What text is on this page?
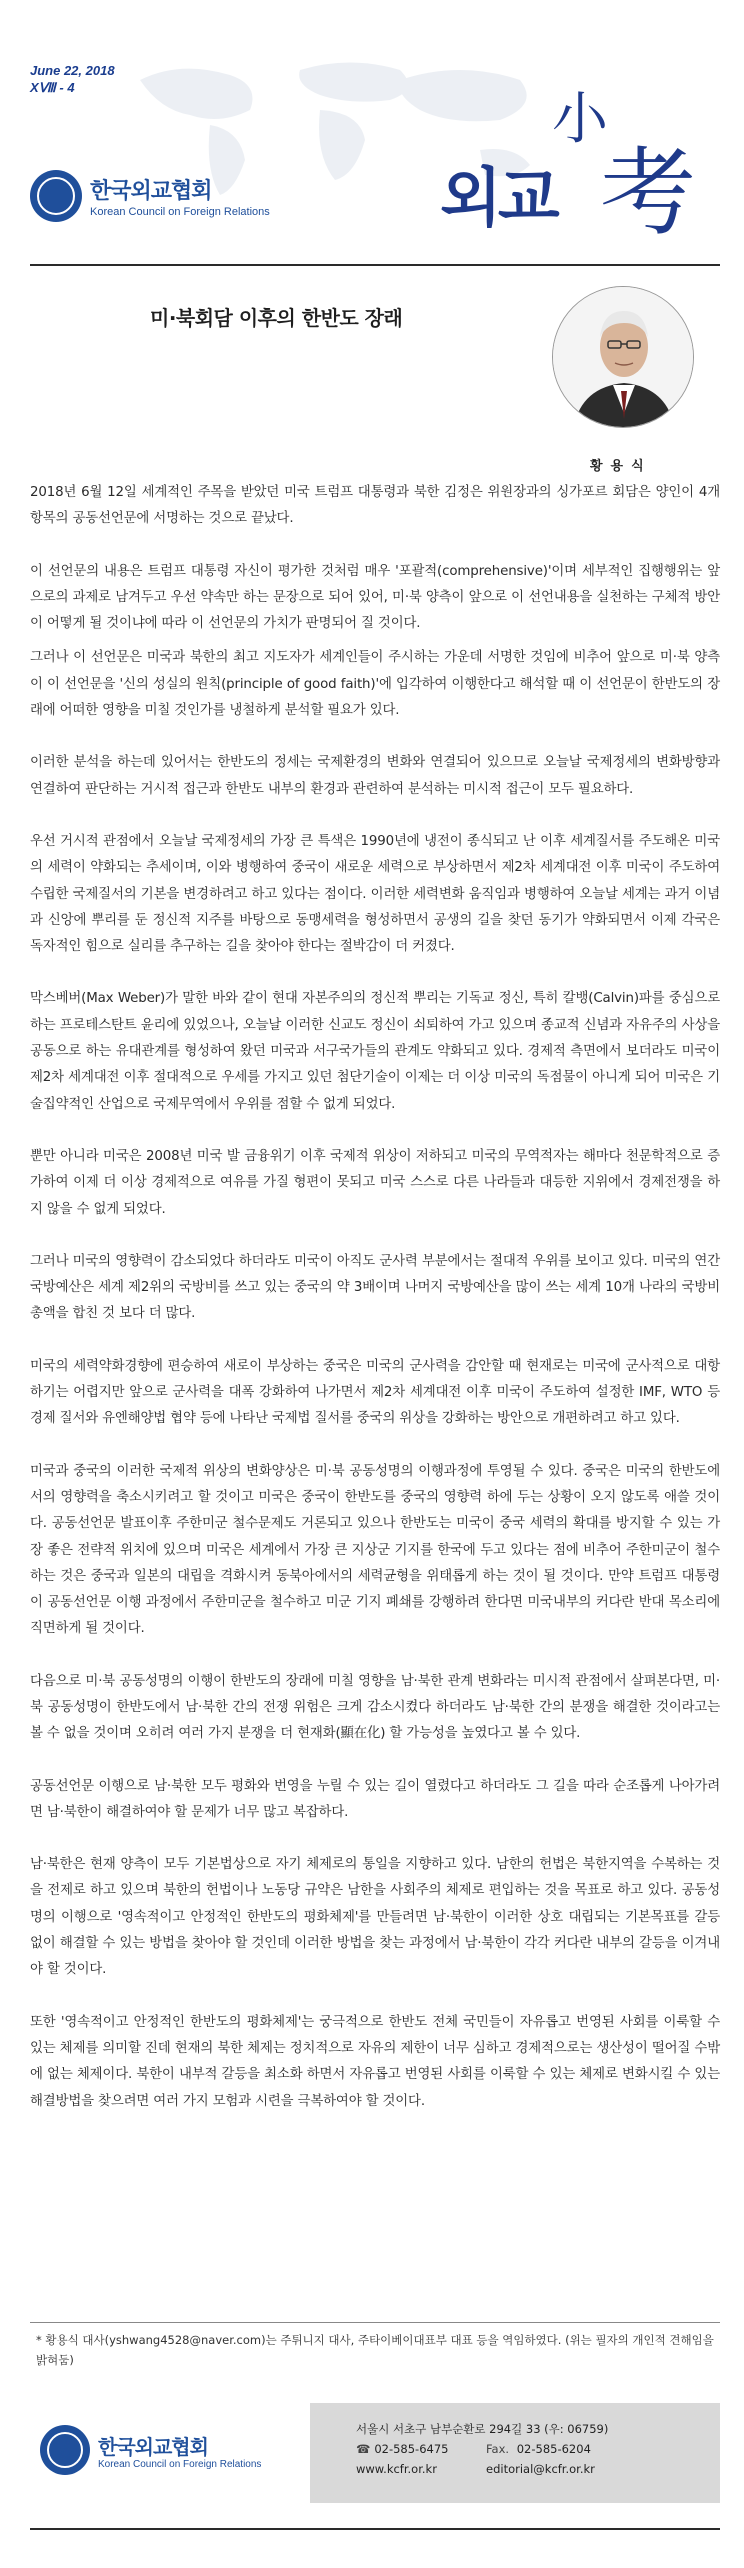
June 22, 2018
XⅧ - 4
한국외교협회
Korean Council on Foreign Relations	외교
小
考
미·북회담 이후의 한반도 장래
황용식

2018년 6월 12일 세계적인 주목을 받았던 미국 트럼프 대통령과 북한 김정은 위원장과의 싱가포르 회담은 양인이 4개 항목의 공동선언문에 서명하는 것으로 끝났다.

이 선언문의 내용은 트럼프 대통령 자신이 평가한 것처럼 매우 '포괄적(comprehensive)'이며 세부적인 집행행위는 앞으로의 과제로 남겨두고 우선 약속만 하는 문장으로 되어 있어, 미·북 양측이 앞으로 이 선언내용을 실천하는 구체적 방안이 어떻게 될 것이냐에 따라 이 선언문의 가치가 판명되어 질 것이다.

그러나 이 선언문은 미국과 북한의 최고 지도자가 세계인들이 주시하는 가운데 서명한 것임에 비추어 앞으로 미·북 양측이 이 선언문을 '신의 성실의 원칙(principle of good faith)'에 입각하여 이행한다고 해석할 때 이 선언문이 한반도의 장래에 어떠한 영향을 미칠 것인가를 냉철하게 분석할 필요가 있다.

이러한 분석을 하는데 있어서는 한반도의 정세는 국제환경의 변화와 연결되어 있으므로 오늘날 국제정세의 변화방향과 연결하여 판단하는 거시적 접근과 한반도 내부의 환경과 관련하여 분석하는 미시적 접근이 모두 필요하다.

우선 거시적 관점에서 오늘날 국제정세의 가장 큰 특색은 1990년에 냉전이 종식되고 난 이후 세계질서를 주도해온 미국의 세력이 약화되는 추세이며, 이와 병행하여 중국이 새로운 세력으로 부상하면서 제2차 세계대전 이후 미국이 주도하여 수립한 국제질서의 기본을 변경하려고 하고 있다는 점이다. 이러한 세력변화 움직임과 병행하여 오늘날 세계는 과거 이념과 신앙에 뿌리를 둔 정신적 지주를 바탕으로 동맹세력을 형성하면서 공생의 길을 찾던 동기가 약화되면서 이제 각국은 독자적인 힘으로 실리를 추구하는 길을 찾아야 한다는 절박감이 더 커졌다.

막스베버(Max Weber)가 말한 바와 같이 현대 자본주의의 정신적 뿌리는 기독교 정신, 특히 칼뱅(Calvin)파를 중심으로 하는 프로테스탄트 윤리에 있었으나, 오늘날 이러한 신교도 정신이 쇠퇴하여 가고 있으며 종교적 신념과 자유주의 사상을 공동으로 하는 유대관계를 형성하여 왔던 미국과 서구국가들의 관계도 약화되고 있다. 경제적 측면에서 보더라도 미국이 제2차 세계대전 이후 절대적으로 우세를 가지고 있던 첨단기술이 이제는 더 이상 미국의 독점물이 아니게 되어 미국은 기술집약적인 산업으로 국제무역에서 우위를 점할 수 없게 되었다.

뿐만 아니라 미국은 2008년 미국 발 금융위기 이후 국제적 위상이 저하되고 미국의 무역적자는 해마다 천문학적으로 증가하여 이제 더 이상 경제적으로 여유를 가질 형편이 못되고 미국 스스로 다른 나라들과 대등한 지위에서 경제전쟁을 하지 않을 수 없게 되었다.

그러나 미국의 영향력이 감소되었다 하더라도 미국이 아직도 군사력 부분에서는 절대적 우위를 보이고 있다. 미국의 연간 국방예산은 세계 제2위의 국방비를 쓰고 있는 중국의 약 3배이며 나머지 국방예산을 많이 쓰는 세계 10개 나라의 국방비 총액을 합친 것 보다 더 많다.

미국의 세력약화경향에 편승하여 새로이 부상하는 중국은 미국의 군사력을 감안할 때 현재로는 미국에 군사적으로 대항하기는 어렵지만 앞으로 군사력을 대폭 강화하여 나가면서 제2차 세계대전 이후 미국이 주도하여 설정한 IMF, WTO 등 경제 질서와 유엔해양법 협약 등에 나타난 국제법 질서를 중국의 위상을 강화하는 방안으로 개편하려고 하고 있다.

미국과 중국의 이러한 국제적 위상의 변화양상은 미·북 공동성명의 이행과정에 투영될 수 있다. 중국은 미국의 한반도에서의 영향력을 축소시키려고 할 것이고 미국은 중국이 한반도를 중국의 영향력 하에 두는 상황이 오지 않도록 애쓸 것이다. 공동선언문 발표이후 주한미군 철수문제도 거론되고 있으나 한반도는 미국이 중국 세력의 확대를 방지할 수 있는 가장 좋은 전략적 위치에 있으며 미국은 세계에서 가장 큰 지상군 기지를 한국에 두고 있다는 점에 비추어 주한미군이 철수하는 것은 중국과 일본의 대립을 격화시켜 동북아에서의 세력균형을 위태롭게 하는 것이 될 것이다. 만약 트럼프 대통령이 공동선언문 이행 과정에서 주한미군을 철수하고 미군 기지 폐쇄를 강행하려 한다면 미국내부의 커다란 반대 목소리에 직면하게 될 것이다.

다음으로 미·북 공동성명의 이행이 한반도의 장래에 미칠 영향을 남·북한 관계 변화라는 미시적 관점에서 살펴본다면, 미·북 공동성명이 한반도에서 남·북한 간의 전쟁 위험은 크게 감소시켰다 하더라도 남·북한 간의 분쟁을 해결한 것이라고는 볼 수 없을 것이며 오히려 여러 가지 분쟁을 더 현재화(顯在化) 할 가능성을 높였다고 볼 수 있다.

공동선언문 이행으로 남·북한 모두 평화와 번영을 누릴 수 있는 길이 열렸다고 하더라도 그 길을 따라 순조롭게 나아가려면 남·북한이 해결하여야 할 문제가 너무 많고 복잡하다.

남·북한은 현재 양측이 모두 기본법상으로 자기 체제로의 통일을 지향하고 있다. 남한의 헌법은 북한지역을 수복하는 것을 전제로 하고 있으며 북한의 헌법이나 노동당 규약은 남한을 사회주의 체제로 편입하는 것을 목표로 하고 있다. 공동성명의 이행으로 '영속적이고 안정적인 한반도의 평화체제'를 만들려면 남·북한이 이러한 상호 대립되는 기본목표를 갈등 없이 해결할 수 있는 방법을 찾아야 할 것인데 이러한 방법을 찾는 과정에서 남·북한이 각각 커다란 내부의 갈등을 이겨내야 할 것이다.

또한 '영속적이고 안정적인 한반도의 평화체제'는 궁극적으로 한반도 전체 국민들이 자유롭고 번영된 사회를 이룩할 수 있는 체제를 의미할 진데 현재의 북한 체제는 정치적으로 자유의 제한이 너무 심하고 경제적으로는 생산성이 떨어질 수밖에 없는 체제이다. 북한이 내부적 갈등을 최소화 하면서 자유롭고 번영된 사회를 이룩할 수 있는 체제로 변화시킬 수 있는 해결방법을 찾으려면 여러 가지 모험과 시련을 극복하여야 할 것이다.

* 황용식 대사(yshwang4528@naver.com)는 주튀니지 대사, 주타이베이대표부 대표 등을 역임하였다. (위는 필자의 개인적 견해임을 밝혀둠)
한국외교협회
Korean Council on Foreign Relations
서울시 서초구 남부순환로 294길 33 (우: 06759)
☎ 02-585-6475	Fax. 02-585-6204
www.kcfr.or.kr	editorial@kcfr.or.kr
